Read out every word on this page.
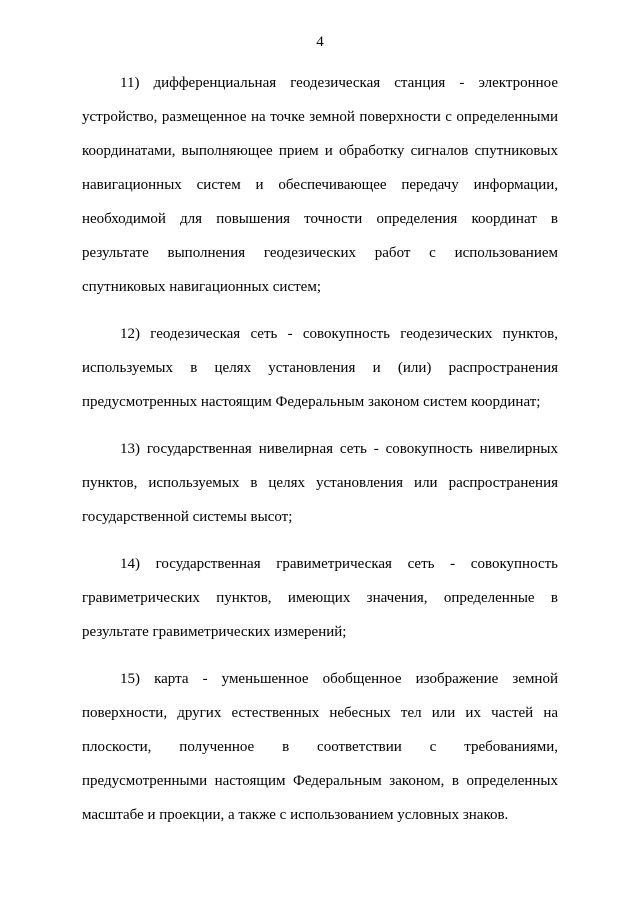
4

11) дифференциальная геодезическая станция - электронное устройство, размещенное на точке земной поверхности с определенными координатами, выполняющее прием и обработку сигналов спутниковых навигационных систем и обеспечивающее передачу информации, необходимой для повышения точности определения координат в результате выполнения геодезических работ с использованием спутниковых навигационных систем;

12) геодезическая сеть - совокупность геодезических пунктов, используемых в целях установления и (или) распространения предусмотренных настоящим Федеральным законом систем координат;

13) государственная нивелирная сеть - совокупность нивелирных пунктов, используемых в целях установления или распространения государственной системы высот;

14) государственная гравиметрическая сеть - совокупность гравиметрических пунктов, имеющих значения, определенные в результате гравиметрических измерений;

15) карта - уменьшенное обобщенное изображение земной поверхности, других естественных небесных тел или их частей на плоскости, полученное в соответствии с требованиями, предусмотренными настоящим Федеральным законом, в определенных масштабе и проекции, а также с использованием условных знаков.
